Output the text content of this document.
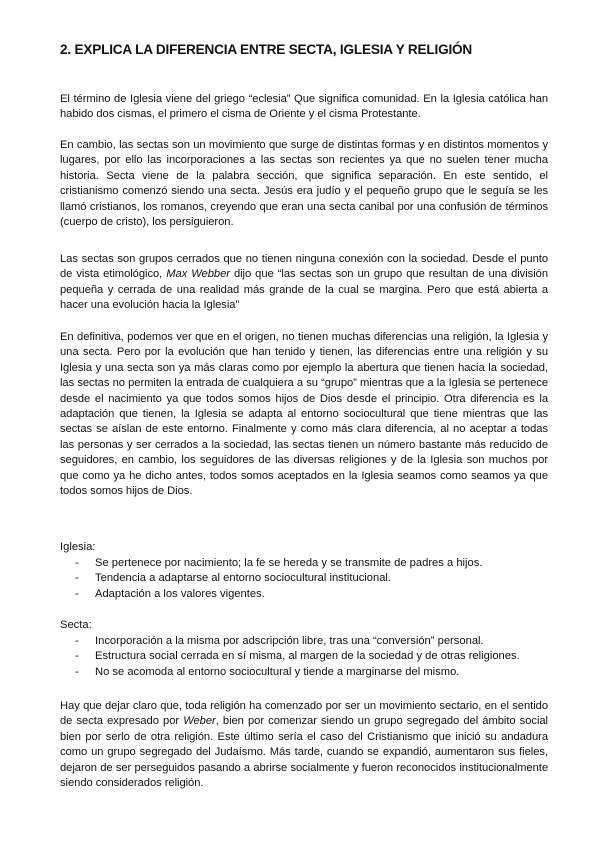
2. EXPLICA LA DIFERENCIA ENTRE SECTA, IGLESIA Y RELIGIÓN

El término de Iglesia viene del griego “eclesia” Que significa comunidad. En la Iglesia católica han habido dos cismas, el primero el cisma de Oriente y el cisma Protestante.

En cambio, las sectas son un movimiento que surge de distintas formas y en distintos momentos y lugares, por ello las incorporaciones a las sectas son recientes ya que no suelen tener mucha historia. Secta viene de la palabra sección, que significa separación. En este sentido, el cristianismo comenzó siendo una secta. Jesús era judío y el pequeño grupo que le seguía se les llamó cristianos, los romanos, creyendo que eran una secta canibal por una confusión de términos (cuerpo de cristo), los persiguieron.

Las sectas son grupos cerrados que no tienen ninguna conexión con la sociedad. Desde el punto de vista etimológico, Max Webber dijo que “las sectas son un grupo que resultan de una división pequeña y cerrada de una realidad más grande de la cual se margina. Pero que está abierta a hacer una evolución hacia la Iglesia”

En definitiva, podemos ver que en el origen, no tienen muchas diferencias una religión, la Iglesia y una secta. Pero por la evolución que han tenido y tienen, las diferencias entre una religión y su Iglesia y una secta son ya más claras como por ejemplo la abertura que tienen hacia la sociedad, las sectas no permiten la entrada de cualquiera a su “grupo” mientras que a la Iglesia se pertenece desde el nacimiento ya que todos somos hijos de Dios desde el principio. Otra diferencia es la adaptación que tienen, la Iglesia se adapta al entorno sociocultural que tiene mientras que las sectas se aíslan de este entorno. Finalmente y como más clara diferencia, al no aceptar a todas las personas y ser cerrados a la sociedad, las sectas tienen un número bastante más reducido de seguidores, en cambio, los seguidores de las diversas religiones y de la Iglesia son muchos por que como ya he dicho antes, todos somos aceptados en la Iglesia seamos como seamos ya que todos somos hijos de Dios.

Iglesia:

- Se pertenece por nacimiento; la fe se hereda y se transmite de padres a hijos.
- Tendencia a adaptarse al entorno sociocultural institucional.
- Adaptación a los valores vigentes.

Secta:

- Incorporación a la misma por adscripción libre, tras una “conversión” personal.
- Estructura social cerrada en sí misma, al margen de la sociedad y de otras religiones.
- No se acomoda al entorno sociocultural y tiende a marginarse del mismo.

Hay que dejar claro que, toda religión ha comenzado por ser un movimiento sectario, en el sentido de secta expresado por Weber, bien por comenzar siendo un grupo segregado del ámbito social bien por serlo de otra religión. Este último sería el caso del Cristianismo que inició su andadura como un grupo segregado del Judaísmo. Más tarde, cuando se expandió, aumentaron sus fieles, dejaron de ser perseguidos pasando a abrirse socialmente y fueron reconocidos institucionalmente siendo considerados religión.
